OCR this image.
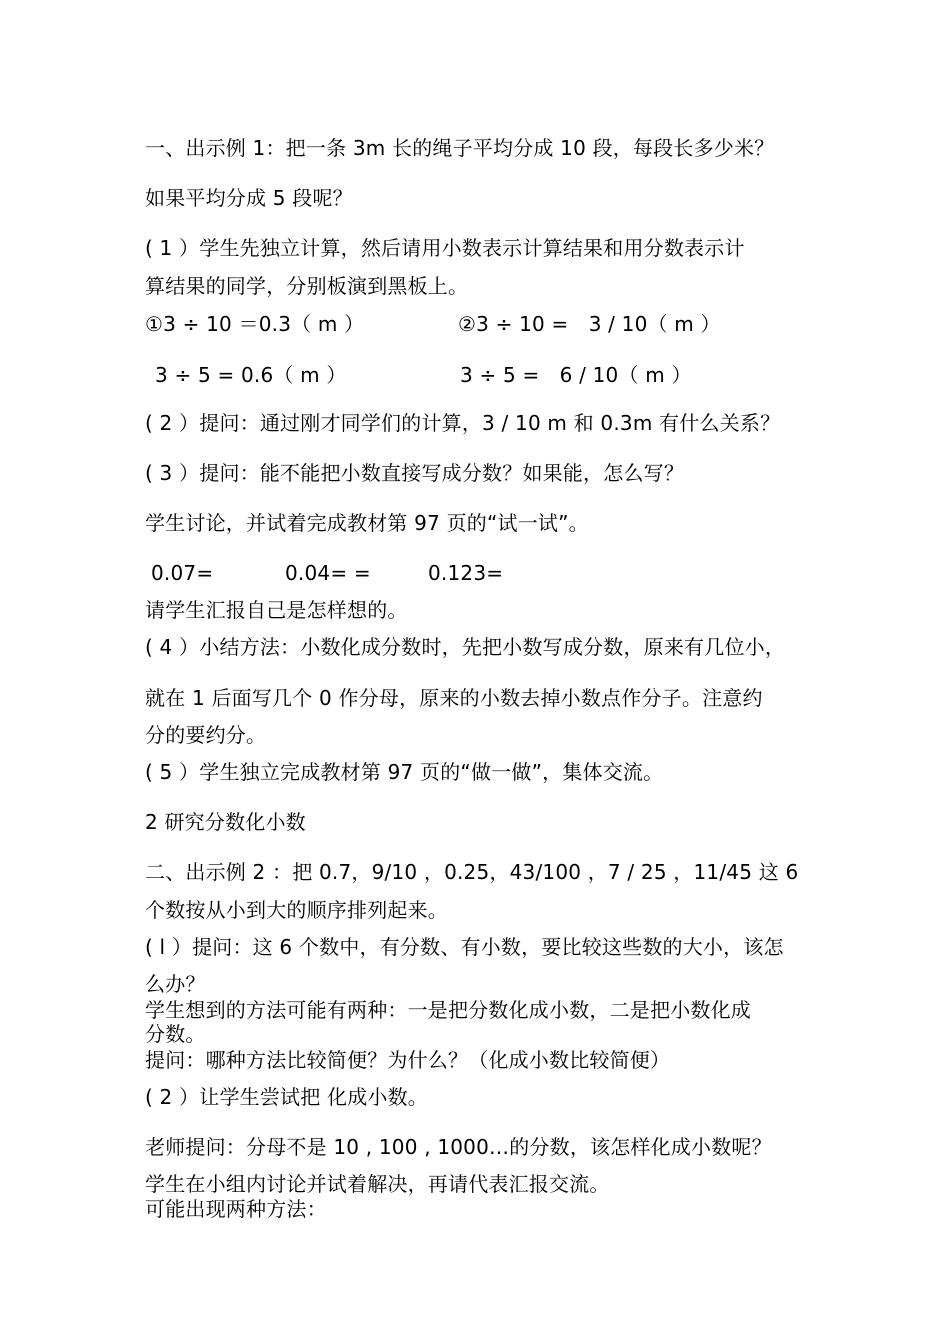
一、出示例 1：把一条 3m 长的绳子平均分成 10 段，每段长多少米？
如果平均分成 5 段呢？
( 1 ）学生先独立计算，然后请用小数表示计算结果和用分数表示计
算结果的同学，分别板演到黑板上。
①3 ÷ 10 ＝0.3（ m ）	②3 ÷ 10 =　3 / 10（ m ）
3 ÷ 5 = 0.6（ m ）	3 ÷ 5 =　6 / 10（ m ）
( 2 ）提问：通过刚才同学们的计算，3 / 10 m 和 0.3m 有什么关系？
( 3 ）提问：能不能把小数直接写成分数？如果能，怎么写？
学生讨论，并试着完成教材第 97 页的“试一试”。
0.07=	0.04= =	0.123=
请学生汇报自己是怎样想的。
( 4 ）小结方法：小数化成分数时，先把小数写成分数，原来有几位小，
就在 1 后面写几个 0 作分母，原来的小数去掉小数点作分子。注意约
分的要约分。
( 5 ）学生独立完成教材第 97 页的“做一做”，集体交流。
2 研究分数化小数
二、出示例 2 ：把 0.7，9/10 ，0.25，43/100 ，7 / 25 ，11/45 这 6
个数按从小到大的顺序排列起来。
( l ）提问：这 6 个数中，有分数、有小数，要比较这些数的大小，该怎
么办？
学生想到的方法可能有两种：一是把分数化成小数，二是把小数化成
分数。
提问：哪种方法比较简便？为什么？（化成小数比较简便）
( 2 ）让学生尝试把 化成小数。
老师提问：分母不是 10 , 100 , 1000…的分数，该怎样化成小数呢？
学生在小组内讨论并试着解决，再请代表汇报交流。
可能出现两种方法：
